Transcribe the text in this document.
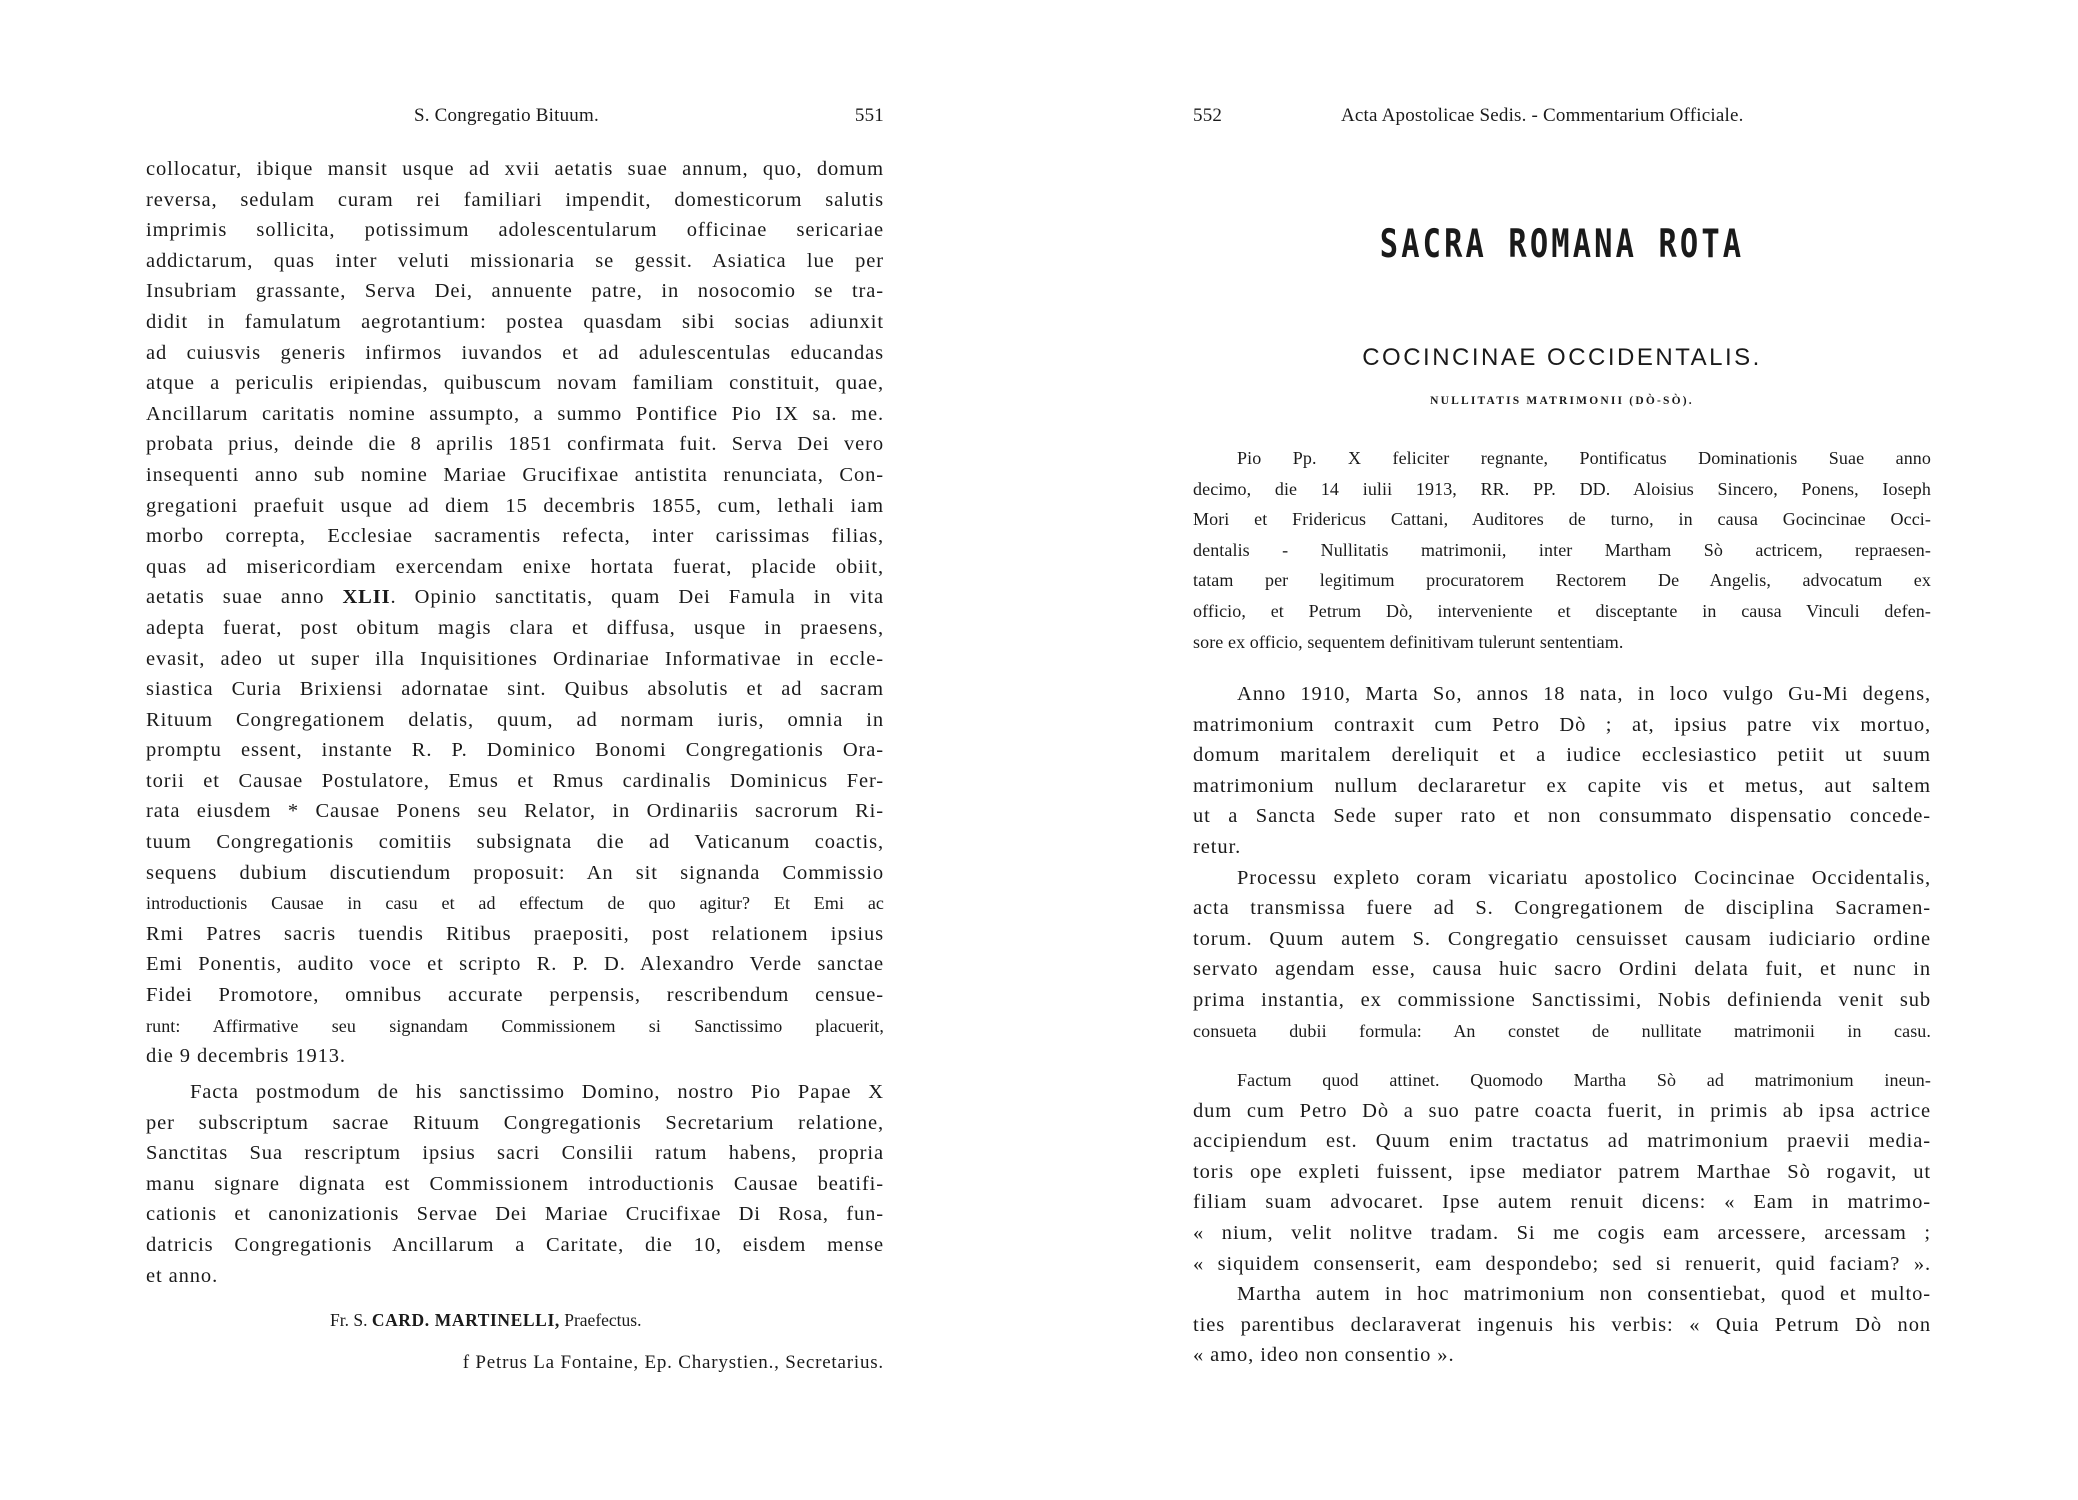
S. Congregatio Bituum.	551
collocatur, ibique mansit usque ad xvii aetatis suae annum, quo, domum
reversa, sedulam curam rei familiari impendit, domesticorum salutis
imprimis sollicita, potissimum adolescentularum officinae sericariae
addictarum, quas inter veluti missionaria se gessit. Asiatica lue per
Insubriam grassante, Serva Dei, annuente patre, in nosocomio se tra-
didit in famulatum aegrotantium: postea quasdam sibi socias adiunxit
ad cuiusvis generis infirmos iuvandos et ad adulescentulas educandas
atque a periculis eripiendas, quibuscum novam familiam constituit, quae,
Ancillarum caritatis nomine assumpto, a summo Pontifice Pio IX sa. me.
probata prius, deinde die 8 aprilis 1851 confirmata fuit. Serva Dei vero
insequenti anno sub nomine Mariae Grucifixae antistita renunciata, Con-
gregationi praefuit usque ad diem 15 decembris 1855, cum, lethali iam
morbo correpta, Ecclesiae sacramentis refecta, inter carissimas filias,
quas ad misericordiam exercendam enixe hortata fuerat, placide obiit,
aetatis suae anno XLII. Opinio sanctitatis, quam Dei Famula in vita
adepta fuerat, post obitum magis clara et diffusa, usque in praesens,
evasit, adeo ut super illa Inquisitiones Ordinariae Informativae in eccle-
siastica Curia Brixiensi adornatae sint. Quibus absolutis et ad sacram
Rituum Congregationem delatis, quum, ad normam iuris, omnia in
promptu essent, instante R. P. Dominico Bonomi Congregationis Ora-
torii et Causae Postulatore, Emus et Rmus cardinalis Dominicus Fer-
rata eiusdem * Causae Ponens seu Relator, in Ordinariis sacrorum Ri-
tuum Congregationis comitiis subsignata die ad Vaticanum coactis,
sequens dubium discutiendum proposuit: An sit signanda Commissio
introductionis Causae in casu et ad effectum de quo agitur? Et Emi ac
Rmi Patres sacris tuendis Ritibus praepositi, post relationem ipsius
Emi Ponentis, audito voce et scripto R. P. D. Alexandro Verde sanctae
Fidei Promotore, omnibus accurate perpensis, rescribendum censue-
runt: Affirmative seu signandam Commissionem si Sanctissimo placuerit,
die 9 decembris 1913.
Facta postmodum de his sanctissimo Domino, nostro Pio Papae X
per subscriptum sacrae Rituum Congregationis Secretarium relatione,
Sanctitas Sua rescriptum ipsius sacri Consilii ratum habens, propria
manu signare dignata est Commissionem introductionis Causae beatifi-
cationis et canonizationis Servae Dei Mariae Crucifixae Di Rosa, fun-
datricis Congregationis Ancillarum a Caritate, die 10, eisdem mense
et anno.
Fr. S. CARD. MARTINELLI, Praefectus.
f Petrus La Fontaine, Ep. Charystien., Secretarius.
552	Acta Apostolicae Sedis. - Commentarium Officiale.
SACRA ROMANA ROTA
COCINCINAE OCCIDENTALIS.
NULLITATIS MATRIMONII (DÒ-SÒ).
Pio Pp. X feliciter regnante, Pontificatus Dominationis Suae anno
decimo, die 14 iulii 1913, RR. PP. DD. Aloisius Sincero, Ponens, Ioseph
Mori et Fridericus Cattani, Auditores de turno, in causa Gocincinae Occi-
dentalis - Nullitatis matrimonii, inter Martham Sò actricem, repraesen-
tatam per legitimum procuratorem Rectorem De Angelis, advocatum ex
officio, et Petrum Dò, interveniente et disceptante in causa Vinculi defen-
sore ex officio, sequentem definitivam tulerunt sententiam.
Anno 1910, Marta So, annos 18 nata, in loco vulgo Gu-Mi degens,
matrimonium contraxit cum Petro Dò ; at, ipsius patre vix mortuo,
domum maritalem dereliquit et a iudice ecclesiastico petiit ut suum
matrimonium nullum declararetur ex capite vis et metus, aut saltem
ut a Sancta Sede super rato et non consummato dispensatio concede-
retur.
Processu expleto coram vicariatu apostolico Cocincinae Occidentalis,
acta transmissa fuere ad S. Congregationem de disciplina Sacramen-
torum. Quum autem S. Congregatio censuisset causam iudiciario ordine
servato agendam esse, causa huic sacro Ordini delata fuit, et nunc in
prima instantia, ex commissione Sanctissimi, Nobis definienda venit sub
consueta dubii formula: An constet de nullitate matrimonii in casu.
Factum quod attinet. Quomodo Martha Sò ad matrimonium ineun-
dum cum Petro Dò a suo patre coacta fuerit, in primis ab ipsa actrice
accipiendum est. Quum enim tractatus ad matrimonium praevii media-
toris ope expleti fuissent, ipse mediator patrem Marthae Sò rogavit, ut
filiam suam advocaret. Ipse autem renuit dicens: « Eam in matrimo-
« nium, velit nolitve tradam. Si me cogis eam arcessere, arcessam ;
« siquidem consenserit, eam despondebo; sed si renuerit, quid faciam? ».
Martha autem in hoc matrimonium non consentiebat, quod et multo-
ties parentibus declaraverat ingenuis his verbis: « Quia Petrum Dò non
« amo, ideo non consentio ».
